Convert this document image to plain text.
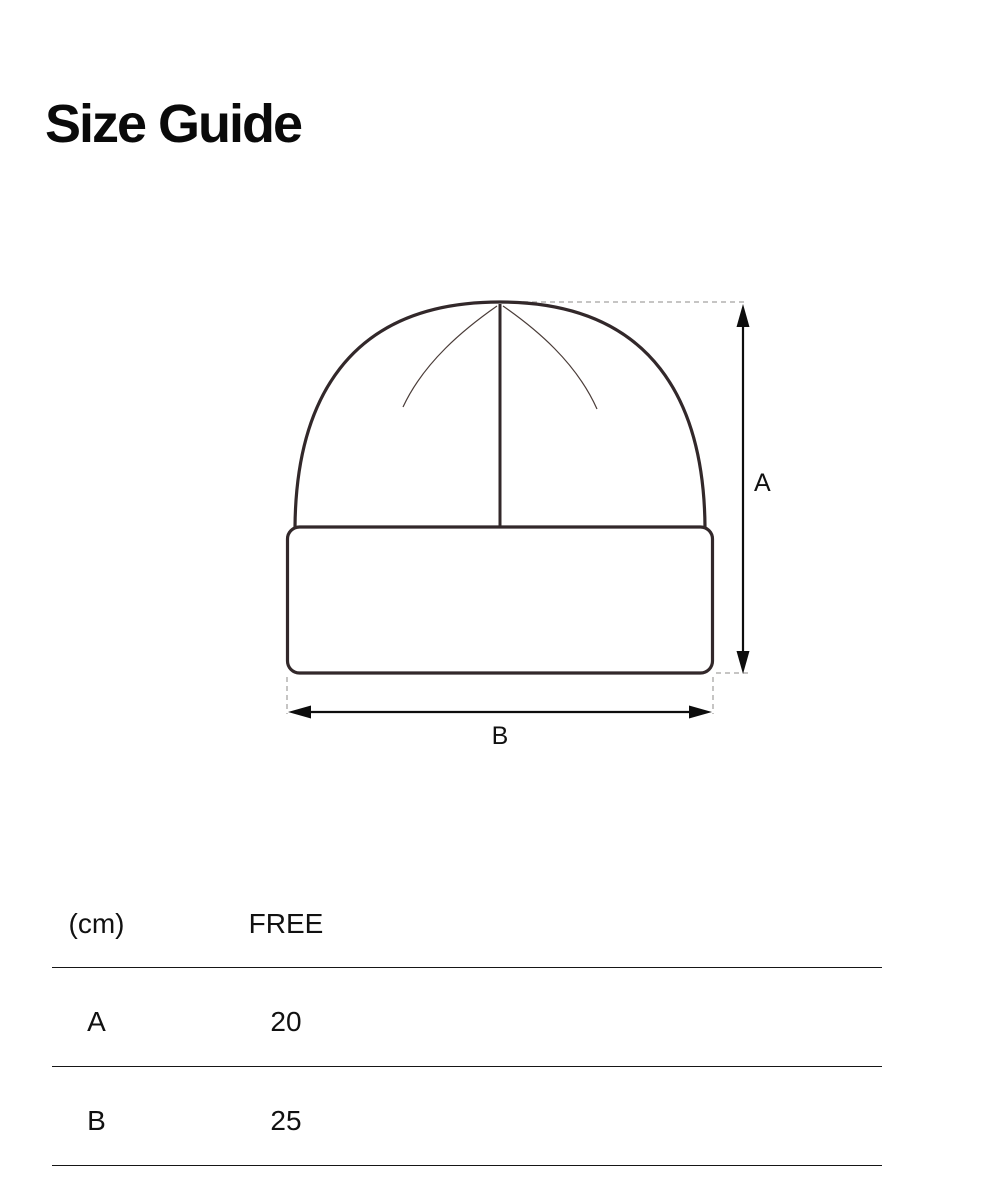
Size Guide
A
B
(cm)	FREE
A	20
B	25
